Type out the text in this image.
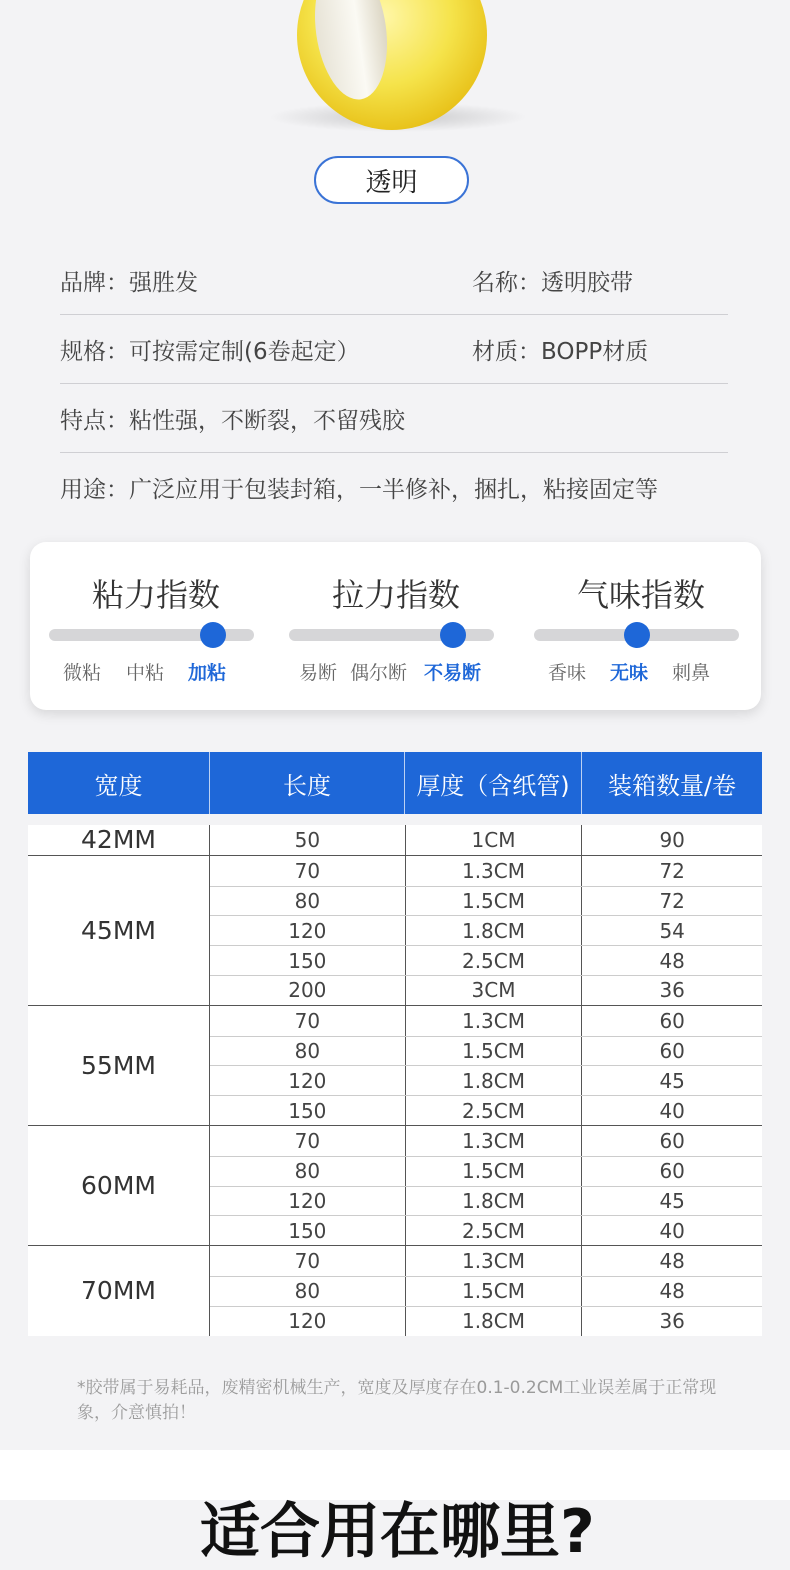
透明
品牌：强胜发	名称：透明胶带
规格：可按需定制(6卷起定）	材质：BOPP材质
特点：粘性强，不断裂，不留残胶
用途：广泛应用于包装封箱，一半修补，捆扎，粘接固定等
粘力指数
微粘 中粘 加粘
拉力指数
易断 偶尔断 不易断
气味指数
香味 无味 刺鼻
宽度	长度	厚度（含纸管)	装箱数量/卷
42MM	50	1CM	90
45MM
70	1.3CM	72
80	1.5CM	72
120	1.8CM	54
150	2.5CM	48
200	3CM	36
55MM
70	1.3CM	60
80	1.5CM	60
120	1.8CM	45
150	2.5CM	40
60MM
70	1.3CM	60
80	1.5CM	60
120	1.8CM	45
150	2.5CM	40
70MM
70	1.3CM	48
80	1.5CM	48
120	1.8CM	36
*胶带属于易耗品，废精密机械生产，宽度及厚度存在0.1-0.2CM工业误差属于正常现象，介意慎拍！
适合用在哪里?
